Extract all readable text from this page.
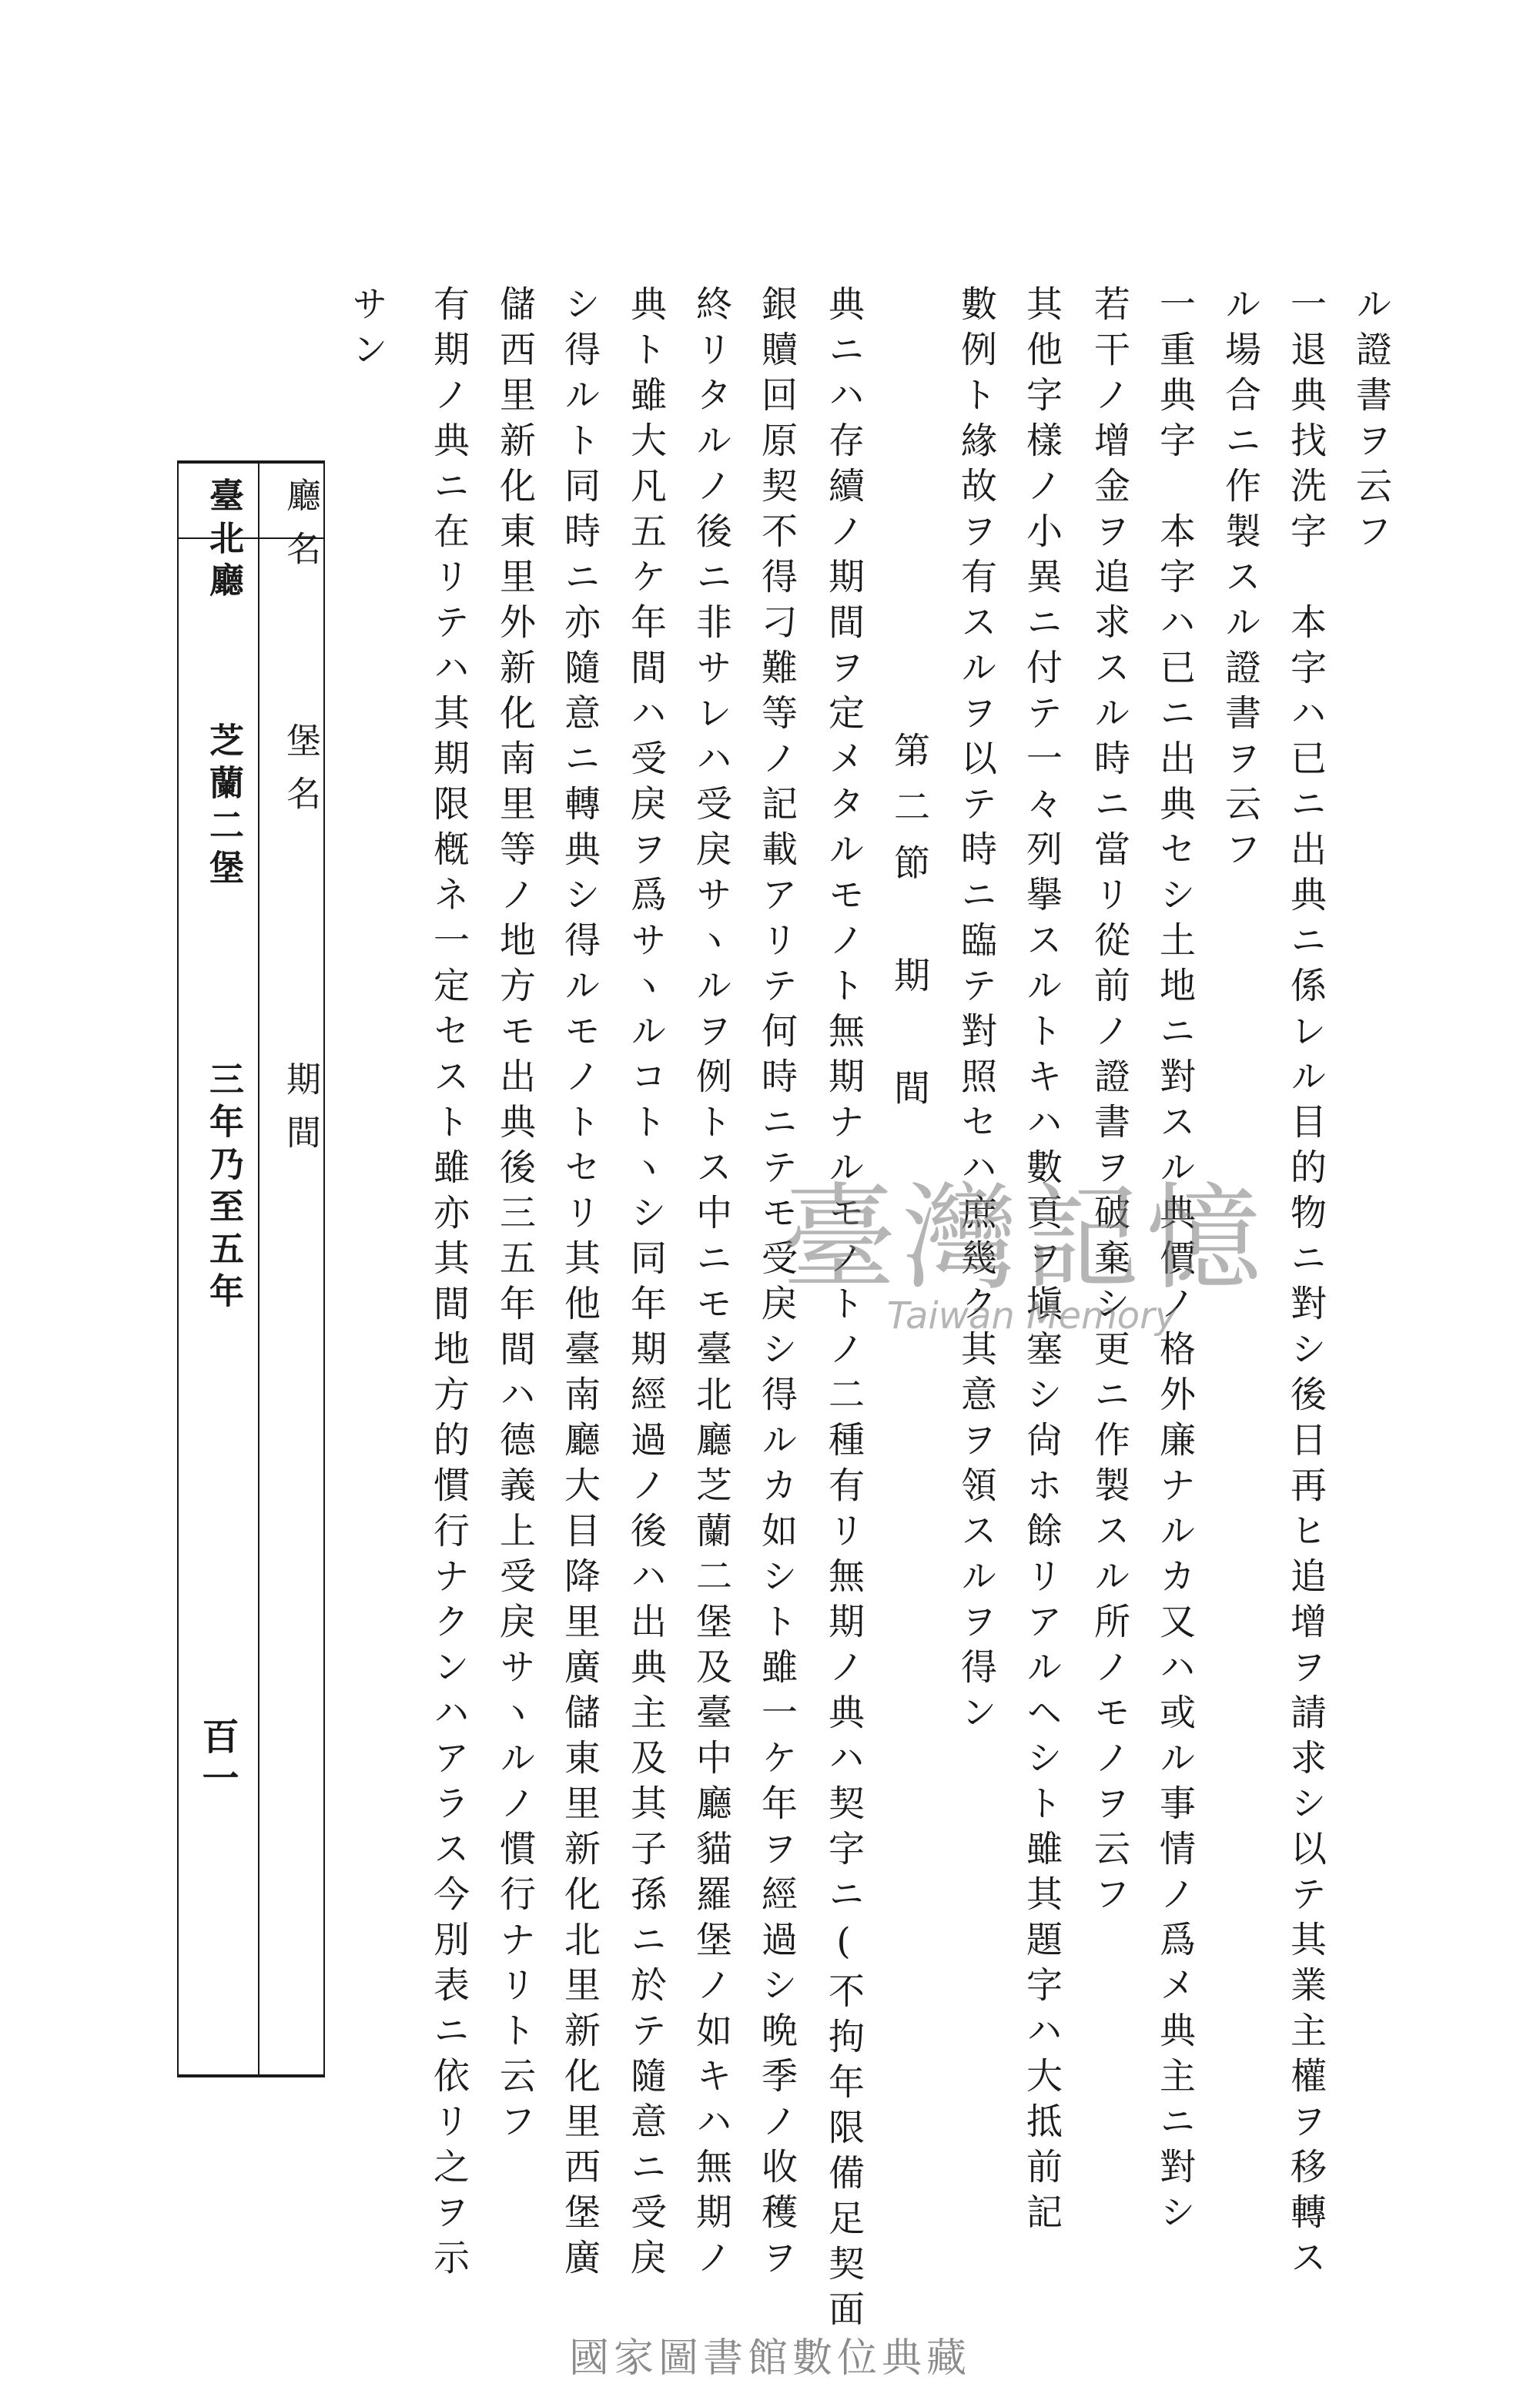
ル證書ヲ云フ
一退典找洗字　本字ハ已ニ出典ニ係レル目的物ニ對シ後日再ヒ追增ヲ請求シ以テ其業主權ヲ移轉ス
ル場合ニ作製スル證書ヲ云フ
一重典字　本字ハ已ニ出典セシ土地ニ對スル典價ノ格外廉ナルカ又ハ或ル事情ノ爲メ典主ニ對シ
若干ノ增金ヲ追求スル時ニ當リ從前ノ證書ヲ破棄シ更ニ作製スル所ノモノヲ云フ
其他字樣ノ小異ニ付テ一々列擧スルトキハ數頁ヲ塡塞シ尙ホ餘リアルヘシト雖其題字ハ大抵前記
數例ト緣故ヲ有スルヲ以テ時ニ臨テ對照セハ庶幾ク其意ヲ領スルヲ得ン
第二節　期　間
典ニハ存續ノ期間ヲ定メタルモノト無期ナルモノトノ二種有リ無期ノ典ハ契字ニ(不拘年限備足契面
銀贖回原契不得刁難等ノ記載アリテ何時ニテモ受戾シ得ルカ如シト雖一ケ年ヲ經過シ晩季ノ收穫ヲ
終リタルノ後ニ非サレハ受戾サヽルヲ例トス中ニモ臺北廳芝蘭二堡及臺中廳貓羅堡ノ如キハ無期ノ
典ト雖大凡五ケ年間ハ受戾ヲ爲サヽルコトヽシ同年期經過ノ後ハ出典主及其子孫ニ於テ隨意ニ受戾
シ得ルト同時ニ亦隨意ニ轉典シ得ルモノトセリ其他臺南廳大目降里廣儲東里新化北里新化里西堡廣
儲西里新化東里外新化南里等ノ地方モ出典後三五年間ハ德義上受戾サヽルノ慣行ナリト云フ
有期ノ典ニ在リテハ其期限槪ネ一定セスト雖亦其間地方的慣行ナクンハアラス今別表ニ依リ之ヲ示
サン
廳名
堡名
期間
臺北廳
芝蘭二堡
三年乃至五年
百一
臺灣記憶
Taiwan Memory
國家圖書館數位典藏
